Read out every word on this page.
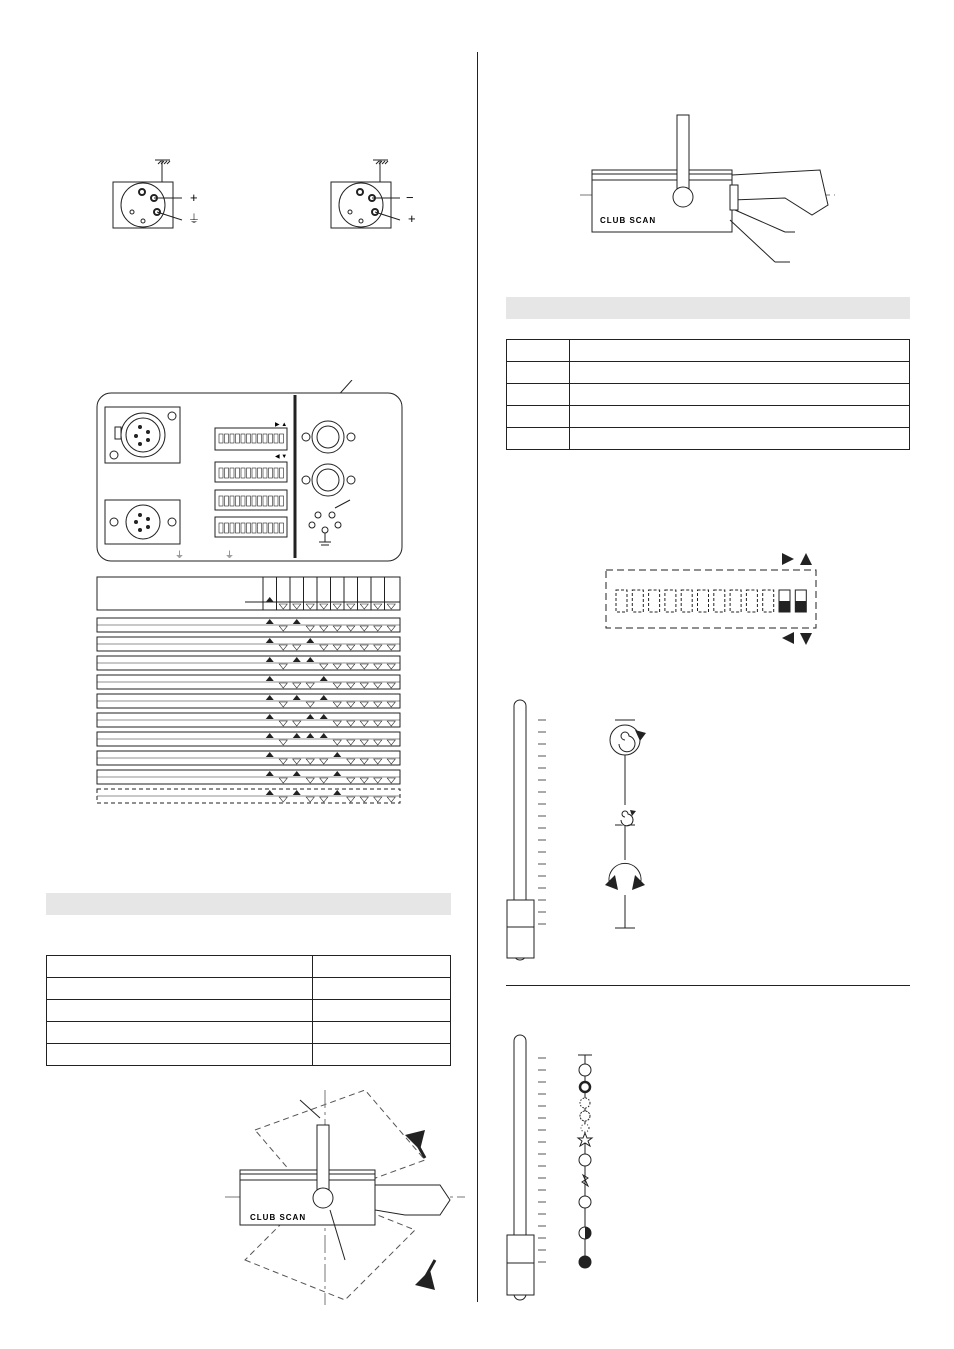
+
⏚
−
+
▶ ▲
◀ ▼
⏚	⏚

CLUB SCAN
CLUB SCAN
